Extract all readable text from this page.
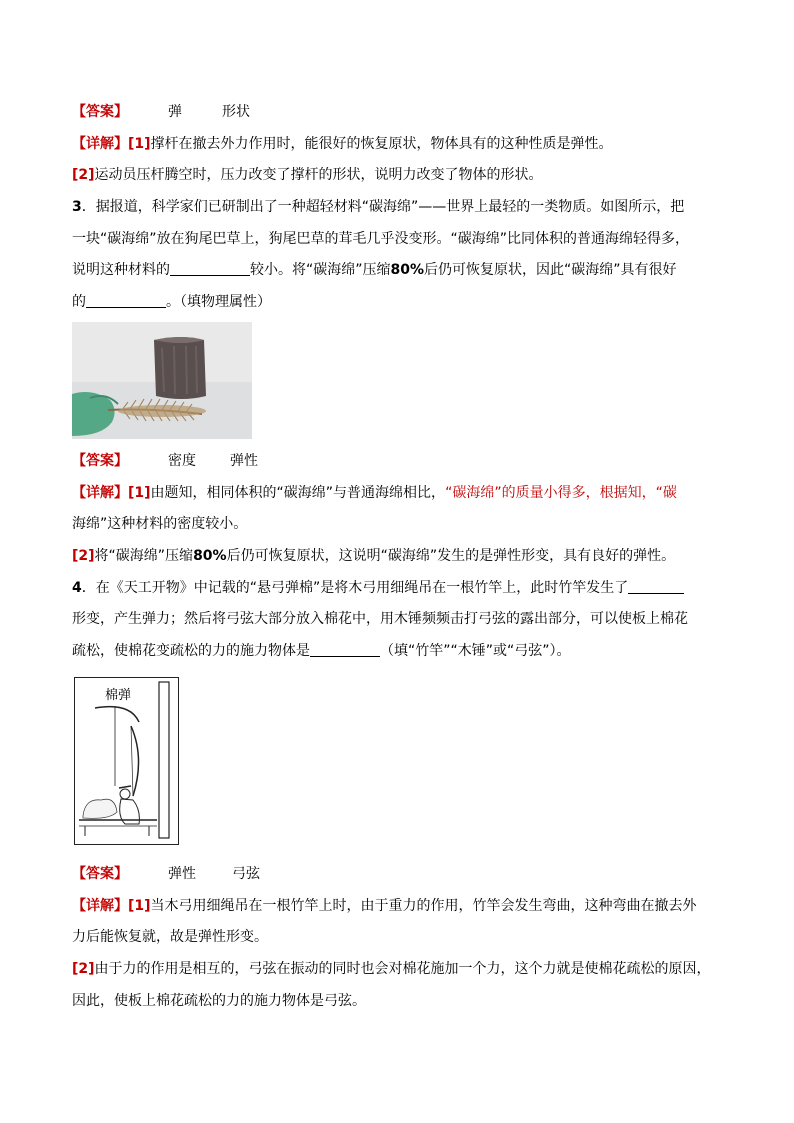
【答案】	弹	形状
【详解】[1]撑杆在撤去外力作用时，能很好的恢复原状，物体具有的这种性质是弹性。
[2]运动员压杆腾空时，压力改变了撑杆的形状，说明力改变了物体的形状。
3．据报道，科学家们已研制出了一种超轻材料“碳海绵”——世界上最轻的一类物质。如图所示，把
一块“碳海绵”放在狗尾巴草上，狗尾巴草的茸毛几乎没变形。“碳海绵”比同体积的普通海绵轻得多，
说明这种材料的	较小。将“碳海绵”压缩80%后仍可恢复原状，因此“碳海绵”具有很好
的	。（填物理属性）
【答案】	密度 弹性
【详解】[1]由题知，相同体积的“碳海绵”与普通海绵相比，“碳海绵”的质量小得多，根据知，“碳
海绵”这种材料的密度较小。
[2]将“碳海绵”压缩80%后仍可恢复原状，这说明“碳海绵”发生的是弹性形变，具有良好的弹性。
4．在《天工开物》中记载的“悬弓弹棉”是将木弓用细绳吊在一根竹竿上，此时竹竿发生了
形变，产生弹力；然后将弓弦大部分放入棉花中，用木锤频频击打弓弦的露出部分，可以使板上棉花
疏松，使棉花变疏松的力的施力物体是	（填“竹竿”“木锤”或“弓弦”）。
棉弹
【答案】	弹性	弓弦
【详解】[1]当木弓用细绳吊在一根竹竿上时，由于重力的作用，竹竿会发生弯曲，这种弯曲在撤去外
力后能恢复就，故是弹性形变。
[2]由于力的作用是相互的，弓弦在振动的同时也会对棉花施加一个力，这个力就是使棉花疏松的原因，
因此，使板上棉花疏松的力的施力物体是弓弦。
